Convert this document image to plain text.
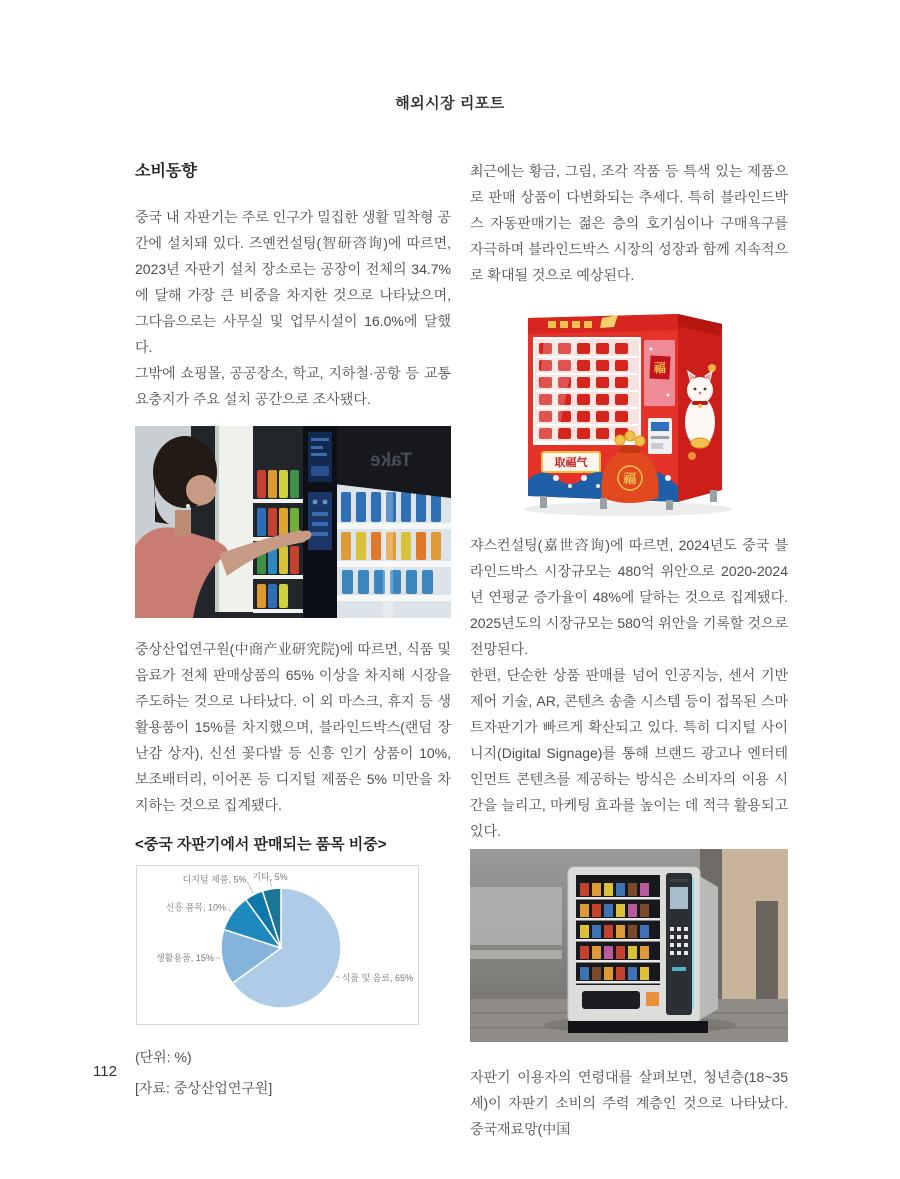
해외시장 리포트
소비동향

중국 내 자판기는 주로 인구가 밀집한 생활 밀착형 공간에 설치돼 있다. 즈옌컨설팅(智研咨询)에 따르면, 2023년 자판기 설치 장소로는 공장이 전체의 34.7%에 달해 가장 큰 비중을 차지한 것으로 나타났으며, 그다음으로는 사무실 및 업무시설이 16.0%에 달했다.

그밖에 쇼핑몰, 공공장소, 학교, 지하철·공항 등 교통 요충지가 주요 설치 공간으로 조사됐다.

Take

중상산업연구원(中商产业研究院)에 따르면, 식품 및 음료가 전체 판매상품의 65% 이상을 차지해 시장을 주도하는 것으로 나타났다. 이 외 마스크, 휴지 등 생활용품이 15%를 차지했으며, 블라인드박스(랜덤 장난감 상자), 신선 꽃다발 등 신흥 인기 상품이 10%, 보조배터리, 이어폰 등 디지털 제품은 5% 미만을 차지하는 것으로 집계됐다.

<중국 자판기에서 판매되는 품목 비중>
식품 및 음료, 65%
생활용품, 15%
신흥 품목, 10%
디지털 제품, 5% 기타, 5%

(단위: %)

[자료: 중상산업연구원]

최근에는 황금, 그림, 조각 작품 등 특색 있는 제품으로 판매 상품이 다변화되는 추세다. 특히 블라인드박스 자동판매기는 젊은 층의 호기심이나 구매욕구를 자극하며 블라인드박스 시장의 성장과 함께 지속적으로 확대될 것으로 예상된다.

福
取福气
福

쟈스컨설팅(嘉世咨询)에 따르면, 2024년도 중국 블라인드박스 시장규모는 480억 위안으로 2020-2024년 연평균 증가율이 48%에 달하는 것으로 집계됐다. 2025년도의 시장규모는 580억 위안을 기록할 것으로 전망된다.

한편, 단순한 상품 판매를 넘어 인공지능, 센서 기반 제어 기술, AR, 콘텐츠 송출 시스템 등이 접목된 스마트자판기가 빠르게 확산되고 있다. 특히 디지털 사이니지(Digital Signage)를 통해 브랜드 광고나 엔터테인먼트 콘텐츠를 제공하는 방식은 소비자의 이용 시간을 늘리고, 마케팅 효과를 높이는 데 적극 활용되고 있다.

자판기 이용자의 연령대를 살펴보면, 청년층(18~35세)이 자판기 소비의 주력 계층인 것으로 나타났다. 중국재료망(中国

112
